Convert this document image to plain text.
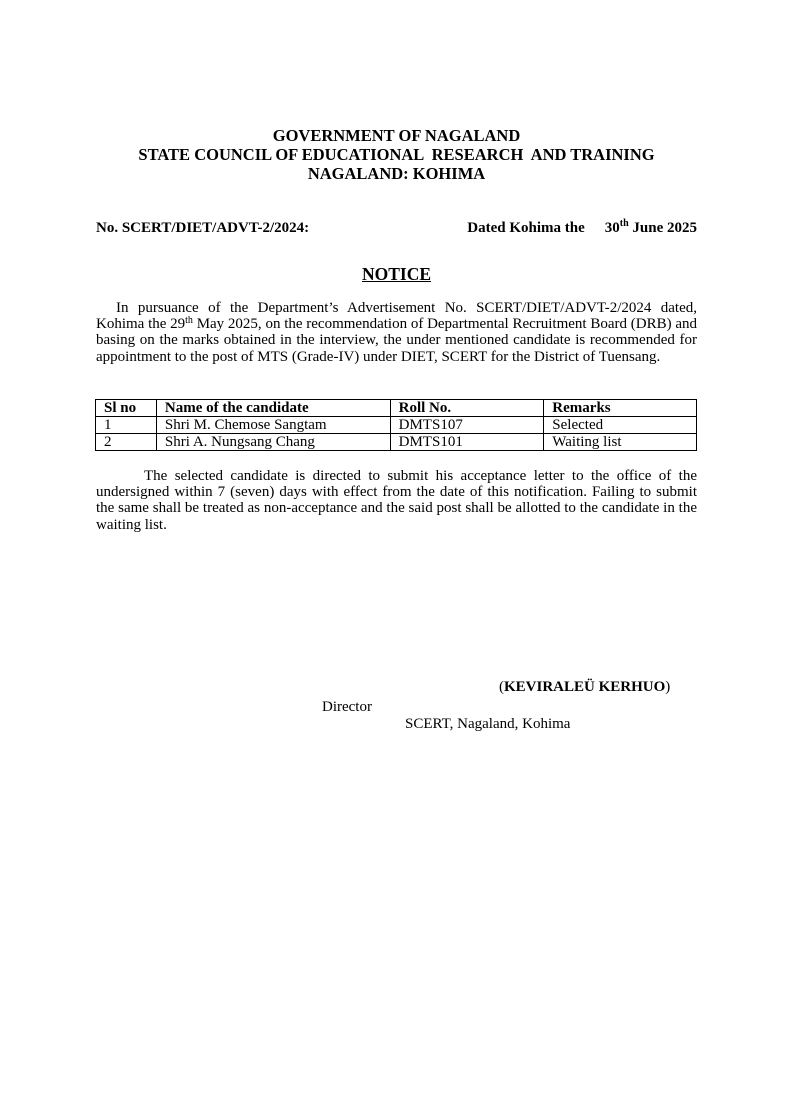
GOVERNMENT OF NAGALAND
STATE COUNCIL OF EDUCATIONAL  RESEARCH  AND TRAINING
NAGALAND: KOHIMA
No. SCERT/DIET/ADVT-2/2024:	Dated Kohima the 30th June 2025
NOTICE
In pursuance of the Department’s Advertisement No. SCERT/DIET/ADVT-2/2024 dated, Kohima the 29th May 2025, on the recommendation of Departmental Recruitment Board (DRB) and basing on the marks obtained in the interview, the under mentioned candidate is recommended for appointment to the post of MTS (Grade-IV) under DIET, SCERT for the District of Tuensang.
Sl no	Name of the candidate	Roll No.	Remarks
1	Shri M. Chemose Sangtam	DMTS107	Selected
2	Shri A. Nungsang Chang	DMTS101	Waiting list
The selected candidate is directed to submit his acceptance letter to the office of the undersigned within 7 (seven) days with effect from the date of this notification. Failing to submit the same shall be treated as non-acceptance and the said post shall be allotted to the candidate in the waiting list.
(KEVIRALEÜ KERHUO)
Director
SCERT, Nagaland, Kohima
